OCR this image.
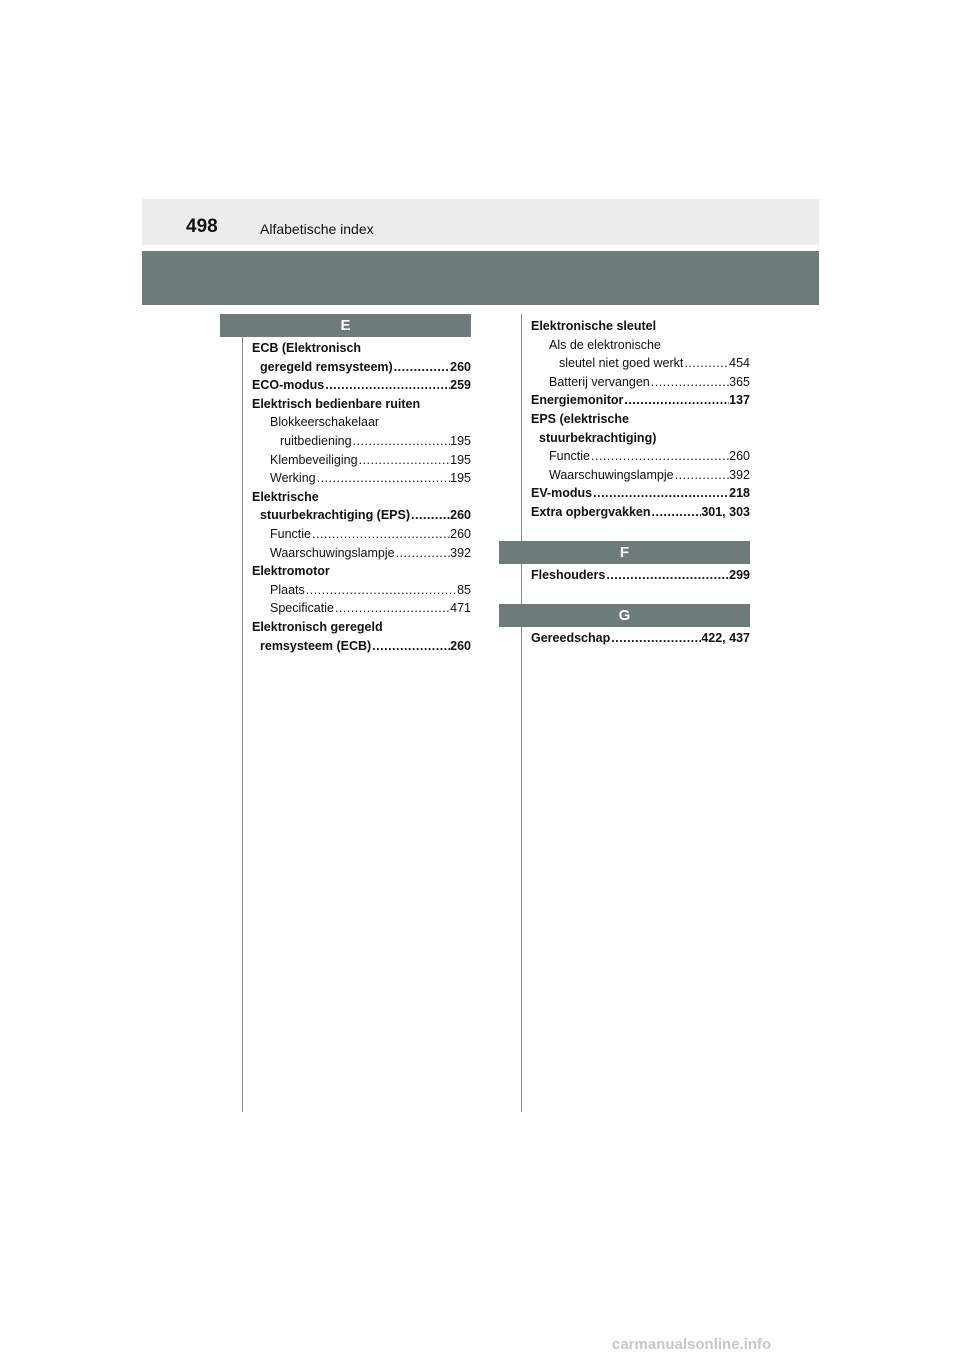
498	Alfabetische index
E
ECB (Elektronisch
geregeld remsysteem) .....	260
ECO-modus .....	259
Elektrisch bedienbare ruiten
Blokkeerschakelaar
ruitbediening .....	195
Klembeveiliging .....	195
Werking .....	195
Elektrische
stuurbekrachtiging (EPS) .....	260
Functie .....	260
Waarschuwingslampje .....	392
Elektromotor
Plaats .....	85
Specificatie .....	471
Elektronisch geregeld
remsysteem (ECB) .....	260
Elektronische sleutel
Als de elektronische
sleutel niet goed werkt .....	454
Batterij vervangen .....	365
Energiemonitor .....	137
EPS (elektrische
stuurbekrachtiging)
Functie .....	260
Waarschuwingslampje .....	392
EV-modus .....	218
Extra opbergvakken .....	301, 303
F
Fleshouders .....	299
G
Gereedschap .....	422, 437
carmanualsonline.info
